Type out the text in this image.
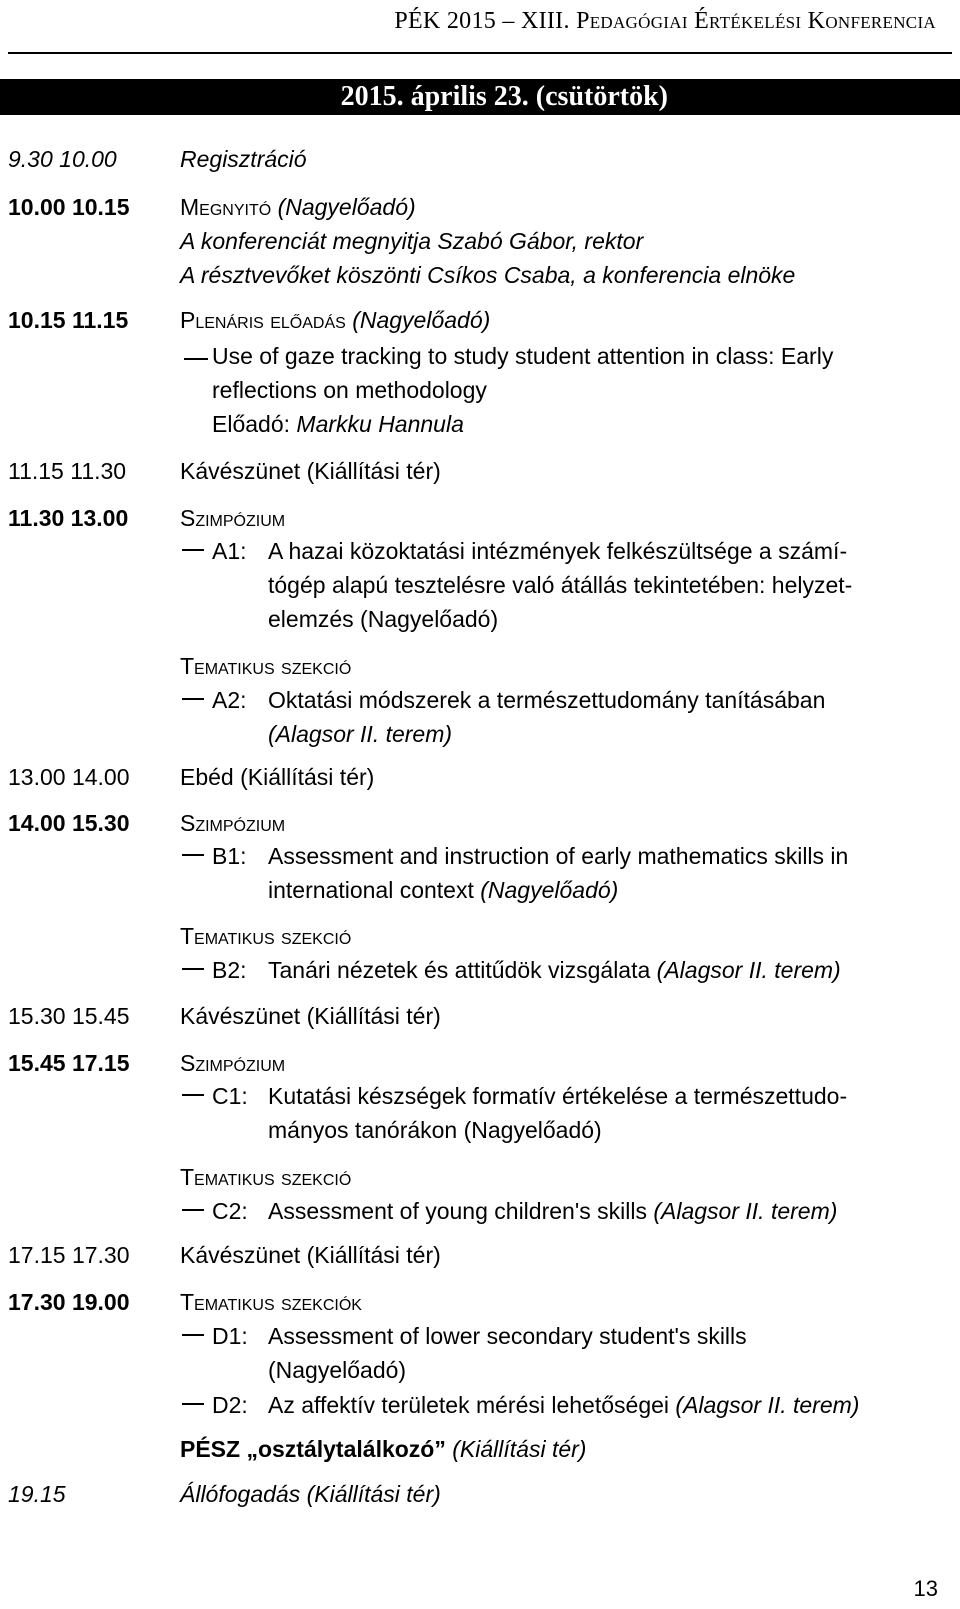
PÉK 2015 – XIII. Pedagógiai Értékelési Konferencia
2015. április 23. (csütörtök)
9.30 10.00	Regisztráció
10.00 10.15 Megnyitó (Nagyelőadó)
A konferenciát megnyitja Szabó Gábor, rektor
A résztvevőket köszönti Csíkos Csaba, a konferencia elnöke
10.15 11.15 Plenáris előadás (Nagyelőadó)
Use of gaze tracking to study student attention in class: Early
reflections on methodology
Előadó: Markku Hannula
11.15 11.30 Kávészünet (Kiállítási tér)
11.30 13.00 Szimpózium
A1: A hazai közoktatási intézmények felkészültsége a számí-
tógép alapú tesztelésre való átállás tekintetében: helyzet-
elemzés (Nagyelőadó)
Tematikus szekció
A2: Oktatási módszerek a természettudomány tanításában
(Alagsor II. terem)
13.00 14.00 Ebéd (Kiállítási tér)
14.00 15.30 Szimpózium
B1: Assessment and instruction of early mathematics skills in
international context (Nagyelőadó)
Tematikus szekció
B2: Tanári nézetek és attitűdök vizsgálata (Alagsor II. terem)
15.30 15.45 Kávészünet (Kiállítási tér)
15.45 17.15 Szimpózium
C1: Kutatási készségek formatív értékelése a természettudo-
mányos tanórákon (Nagyelőadó)
Tematikus szekció
C2: Assessment of young children's skills (Alagsor II. terem)
17.15 17.30 Kávészünet (Kiállítási tér)
17.30 19.00 Tematikus szekciók
D1: Assessment of lower secondary student's skills
(Nagyelőadó)
D2: Az affektív területek mérési lehetőségei (Alagsor II. terem)
PÉSZ „osztálytalálkozó” (Kiállítási tér)
19.15	Állófogadás (Kiállítási tér)
13
